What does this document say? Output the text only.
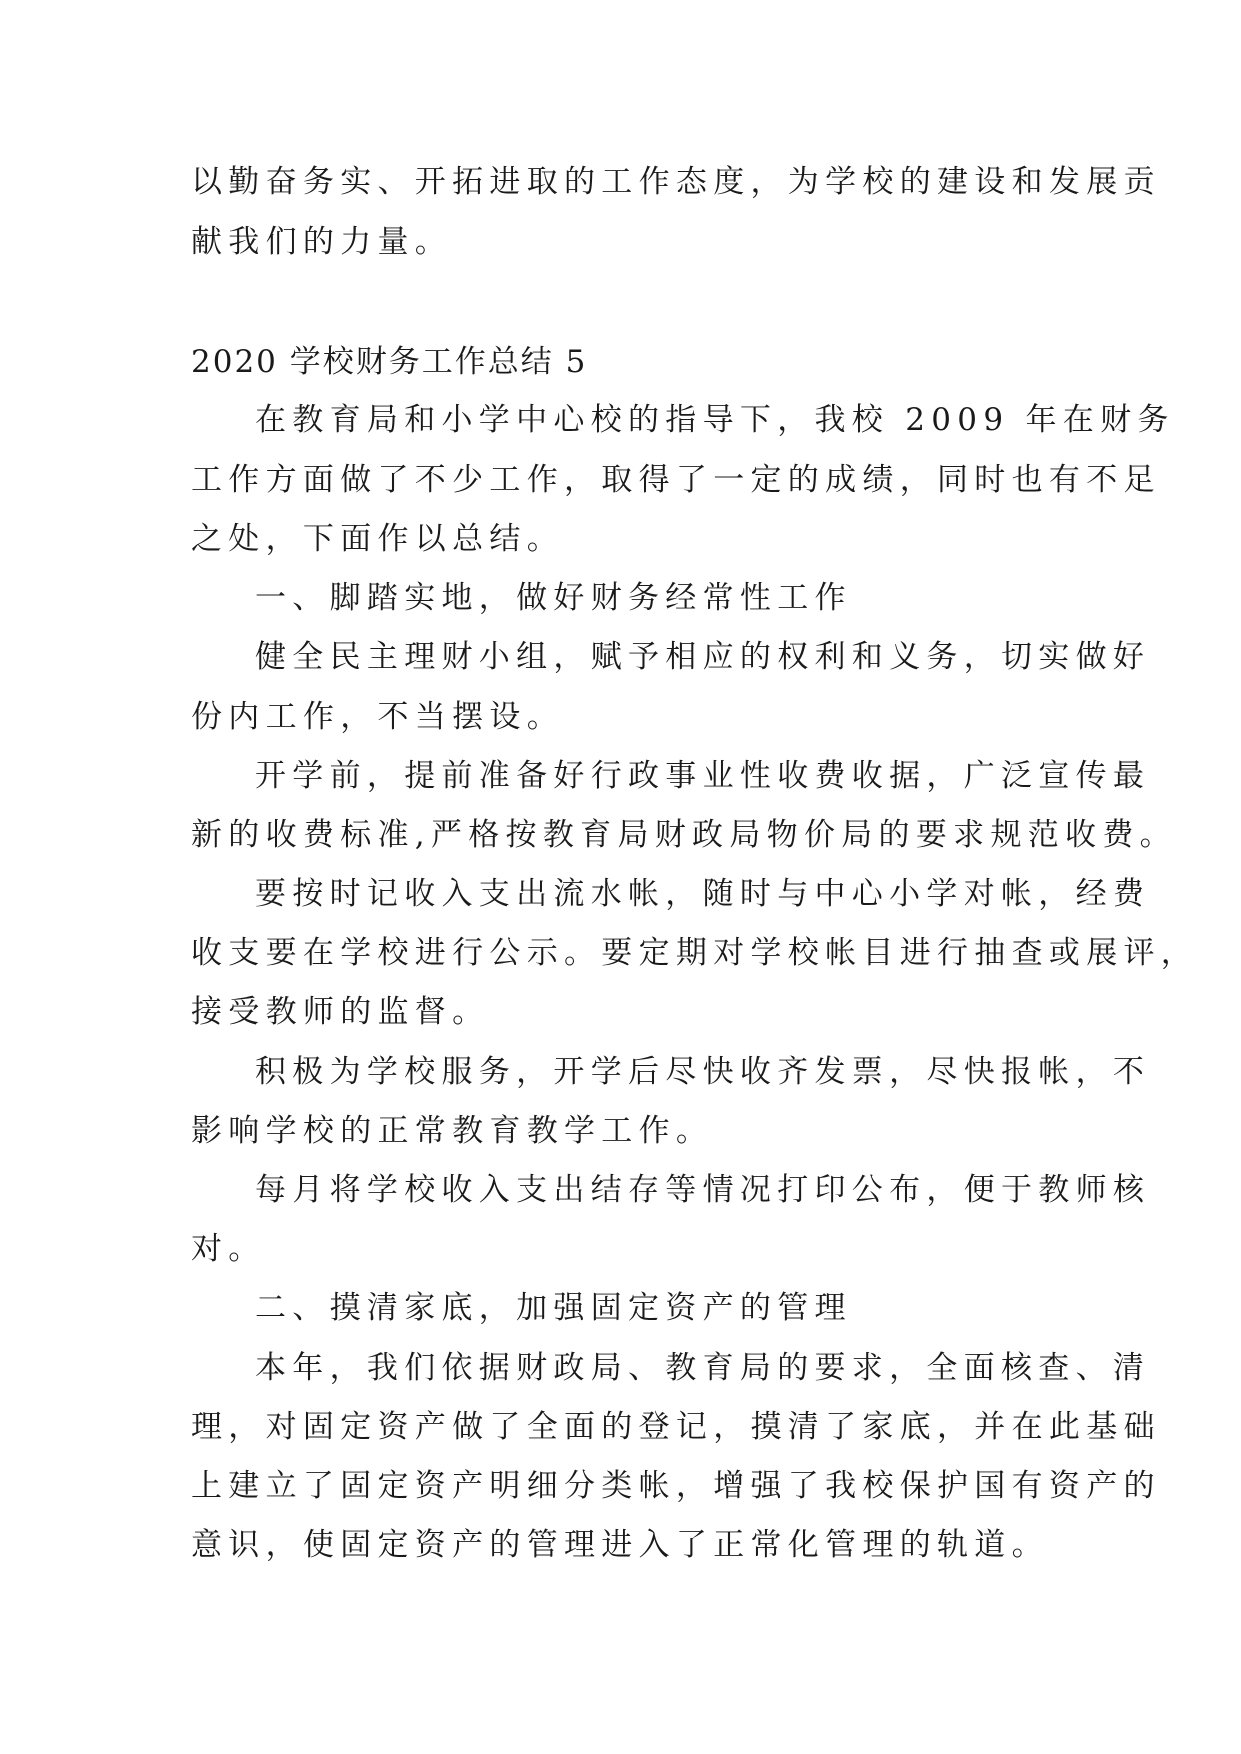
以勤奋务实、开拓进取的工作态度，为学校的建设和发展贡
献我们的力量。
2020 学校财务工作总结 5
在教育局和小学中心校的指导下，我校 2009 年在财务
工作方面做了不少工作，取得了一定的成绩，同时也有不足
之处，下面作以总结。
一、脚踏实地，做好财务经常性工作
健全民主理财小组，赋予相应的权利和义务，切实做好
份内工作，不当摆设。
开学前，提前准备好行政事业性收费收据，广泛宣传最
新的收费标准,严格按教育局财政局物价局的要求规范收费。
要按时记收入支出流水帐，随时与中心小学对帐，经费
收支要在学校进行公示。要定期对学校帐目进行抽查或展评，
接受教师的监督。
积极为学校服务，开学后尽快收齐发票，尽快报帐，不
影响学校的正常教育教学工作。
每月将学校收入支出结存等情况打印公布，便于教师核
对。
二、摸清家底，加强固定资产的管理
本年，我们依据财政局、教育局的要求，全面核查、清
理，对固定资产做了全面的登记，摸清了家底，并在此基础
上建立了固定资产明细分类帐，增强了我校保护国有资产的
意识，使固定资产的管理进入了正常化管理的轨道。
